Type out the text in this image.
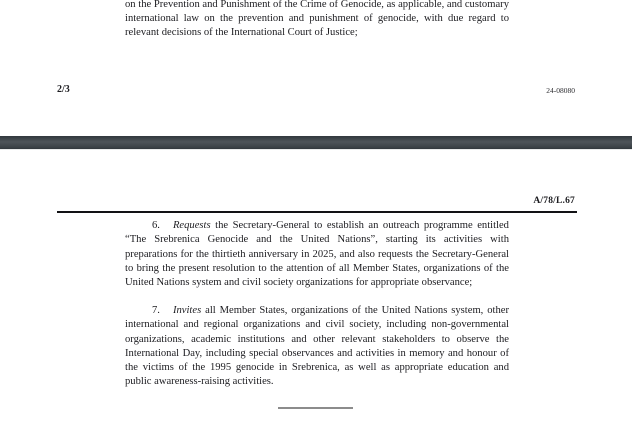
on the Prevention and Punishment of the Crime of Genocide, as applicable, and customary international law on the prevention and punishment of genocide, with due regard to relevant decisions of the International Court of Justice;

2/3	24-08080
A/78/L.67

6. Requests the Secretary-General to establish an outreach programme entitled “The Srebrenica Genocide and the United Nations”, starting its activities with preparations for the thirtieth anniversary in 2025, and also requests the Secretary-General to bring the present resolution to the attention of all Member States, organizations of the United Nations system and civil society organizations for appropriate observance;

7. Invites all Member States, organizations of the United Nations system, other international and regional organizations and civil society, including non-governmental organizations, academic institutions and other relevant stakeholders to observe the International Day, including special observances and activities in memory and honour of the victims of the 1995 genocide in Srebrenica, as well as appropriate education and public awareness-raising activities.
